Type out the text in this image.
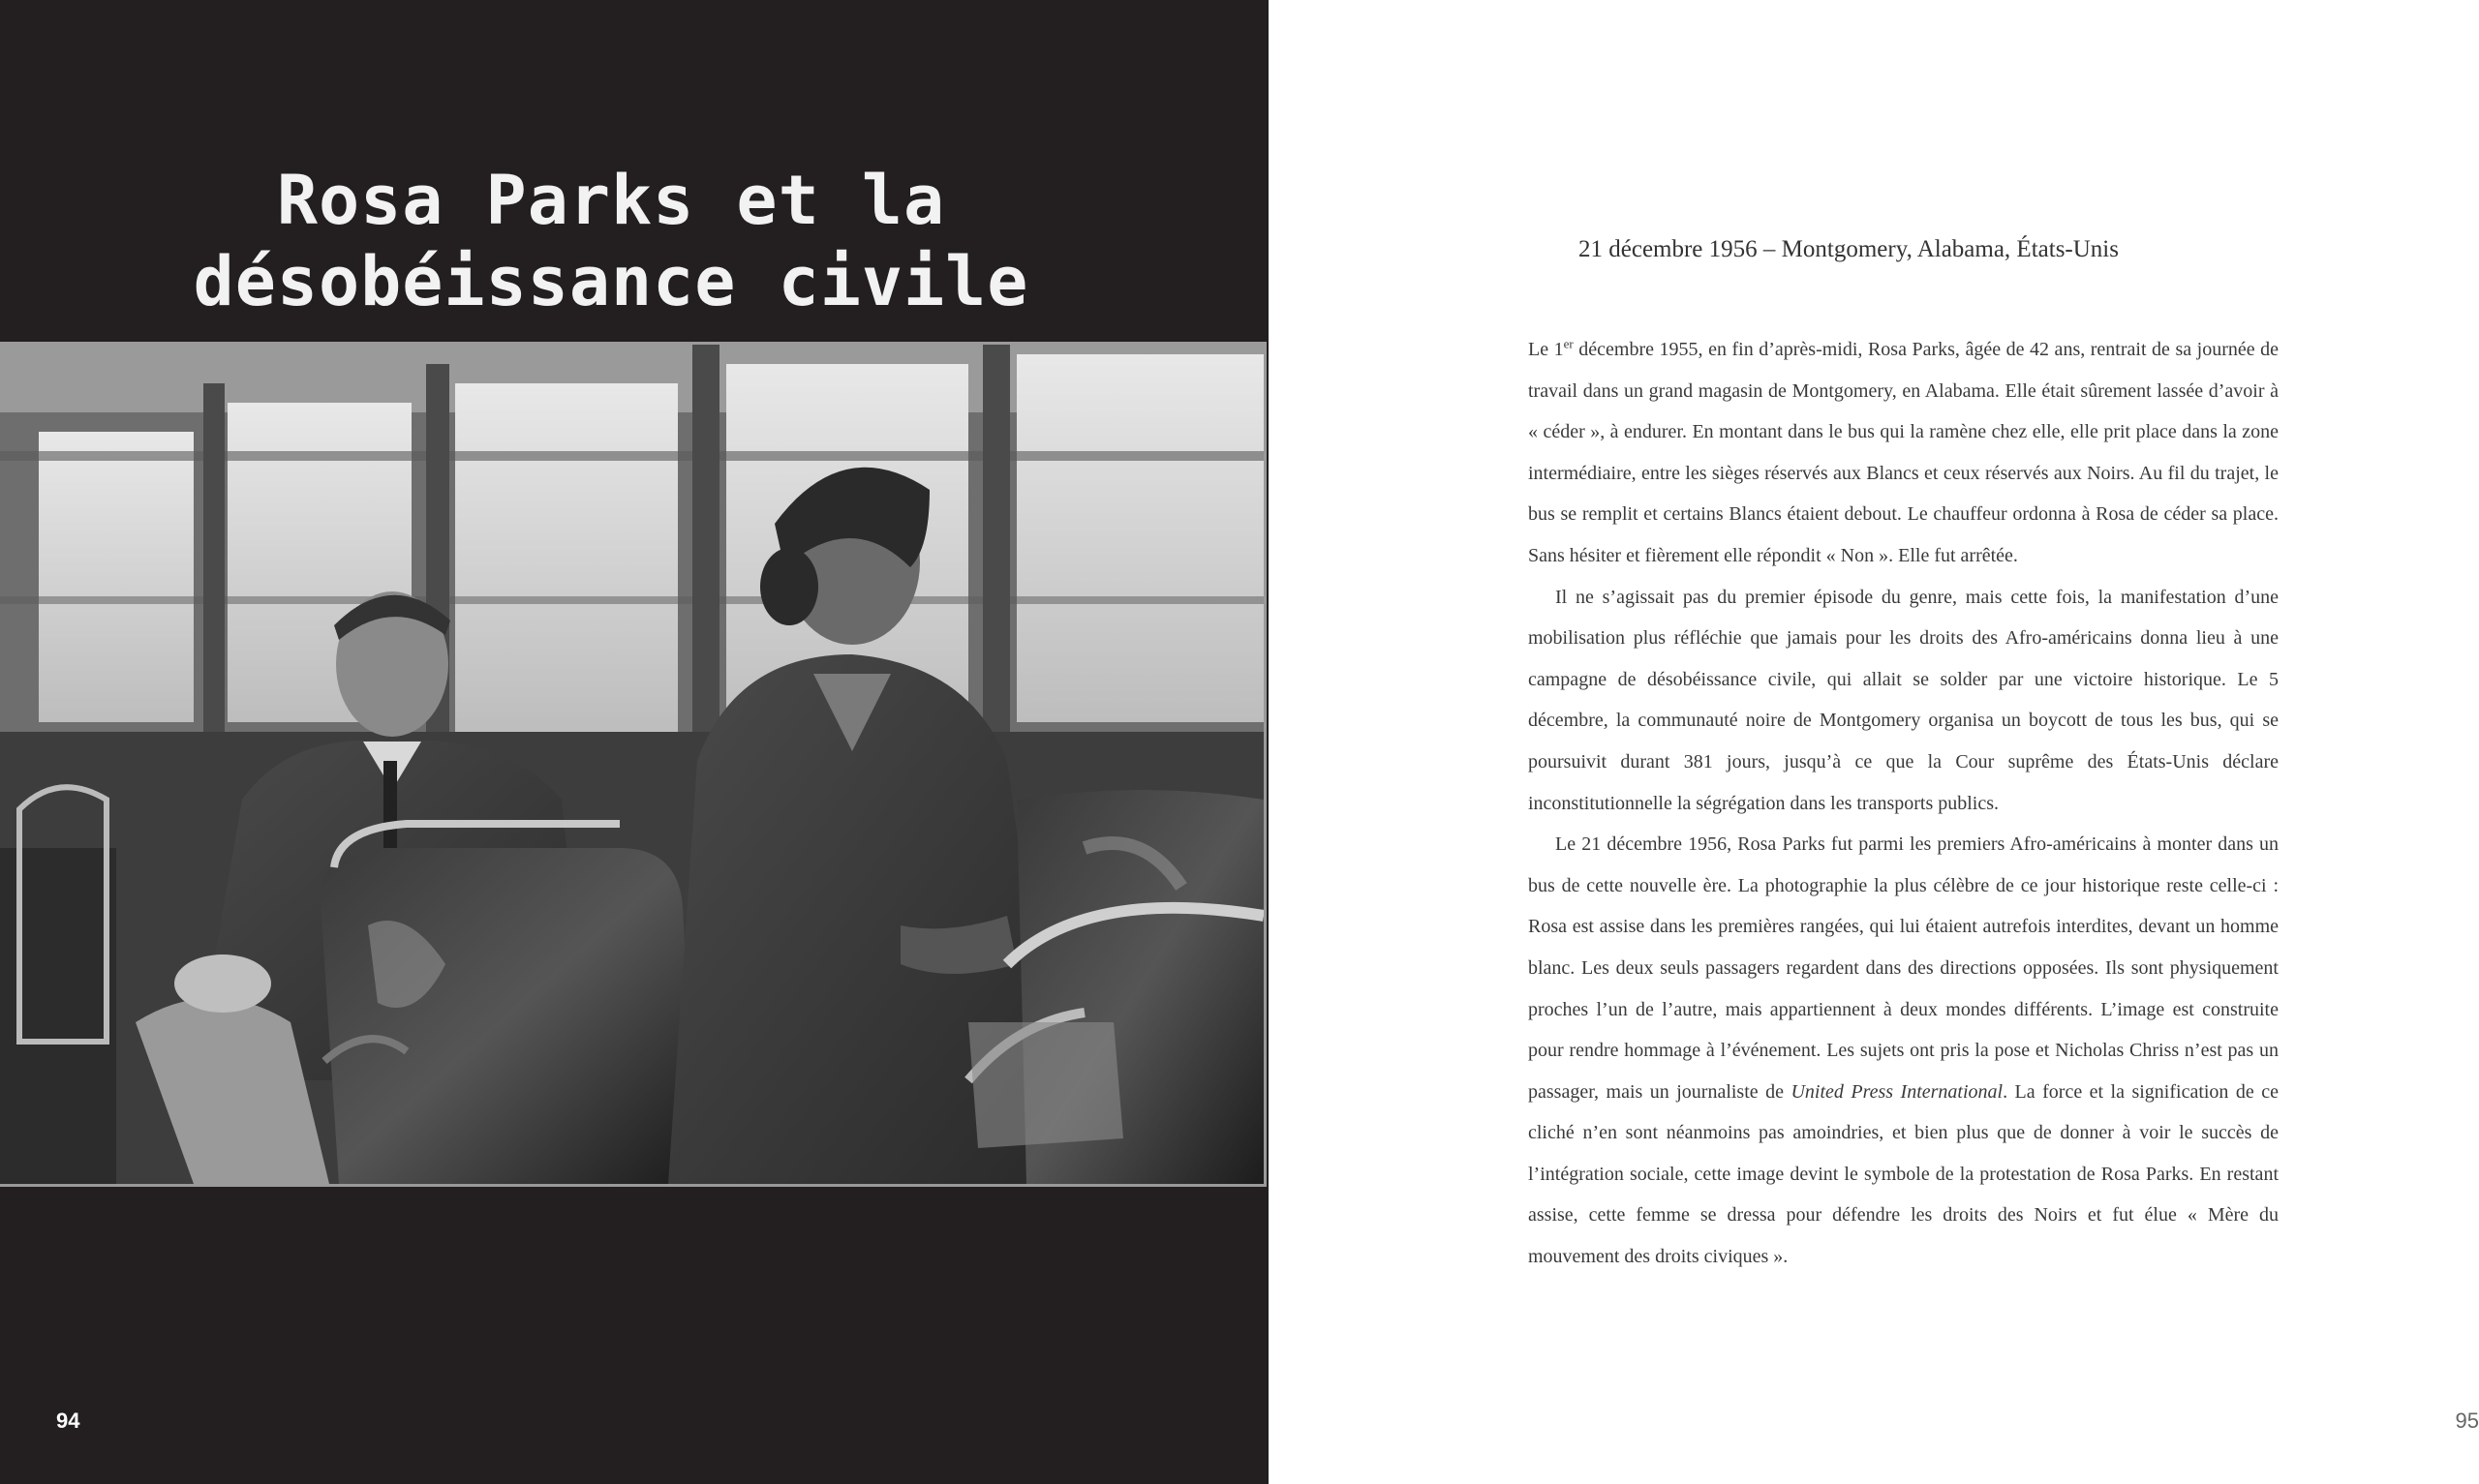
Rosa Parks et la
désobéissance civile
94
21 décembre 1956 – Montgomery, Alabama, États-Unis

Le 1er décembre 1955, en fin d’après-midi, Rosa Parks, âgée de 42 ans, rentrait de sa journée de travail dans un grand magasin de Montgomery, en Alabama. Elle était sûrement lassée d’avoir à « céder », à endurer. En montant dans le bus qui la ramène chez elle, elle prit place dans la zone intermédiaire, entre les sièges réservés aux Blancs et ceux réservés aux Noirs. Au fil du trajet, le bus se remplit et certains Blancs étaient debout. Le chauffeur ordonna à Rosa de céder sa place. Sans hésiter et fièrement elle répondit « Non ». Elle fut arrêtée.

Il ne s’agissait pas du premier épisode du genre, mais cette fois, la manifestation d’une mobilisation plus réfléchie que jamais pour les droits des Afro-américains donna lieu à une campagne de désobéissance civile, qui allait se solder par une victoire historique. Le 5 décembre, la communauté noire de Montgomery organisa un boycott de tous les bus, qui se poursuivit durant 381 jours, jusqu’à ce que la Cour suprême des États-Unis déclare inconstitutionnelle la ségrégation dans les transports publics.

Le 21 décembre 1956, Rosa Parks fut parmi les premiers Afro-américains à monter dans un bus de cette nouvelle ère. La photographie la plus célèbre de ce jour historique reste celle-ci : Rosa est assise dans les premières rangées, qui lui étaient autrefois interdites, devant un homme blanc. Les deux seuls passagers regardent dans des directions opposées. Ils sont physiquement proches l’un de l’autre, mais appartiennent à deux mondes différents. L’image est construite pour rendre hommage à l’événement. Les sujets ont pris la pose et Nicholas Chriss n’est pas un passager, mais un journaliste de United Press International. La force et la signification de ce cliché n’en sont néanmoins pas amoindries, et bien plus que de donner à voir le succès de l’intégration sociale, cette image devint le symbole de la protestation de Rosa Parks. En restant assise, cette femme se dressa pour défendre les droits des Noirs et fut élue « Mère du mouvement des droits civiques ».

95
